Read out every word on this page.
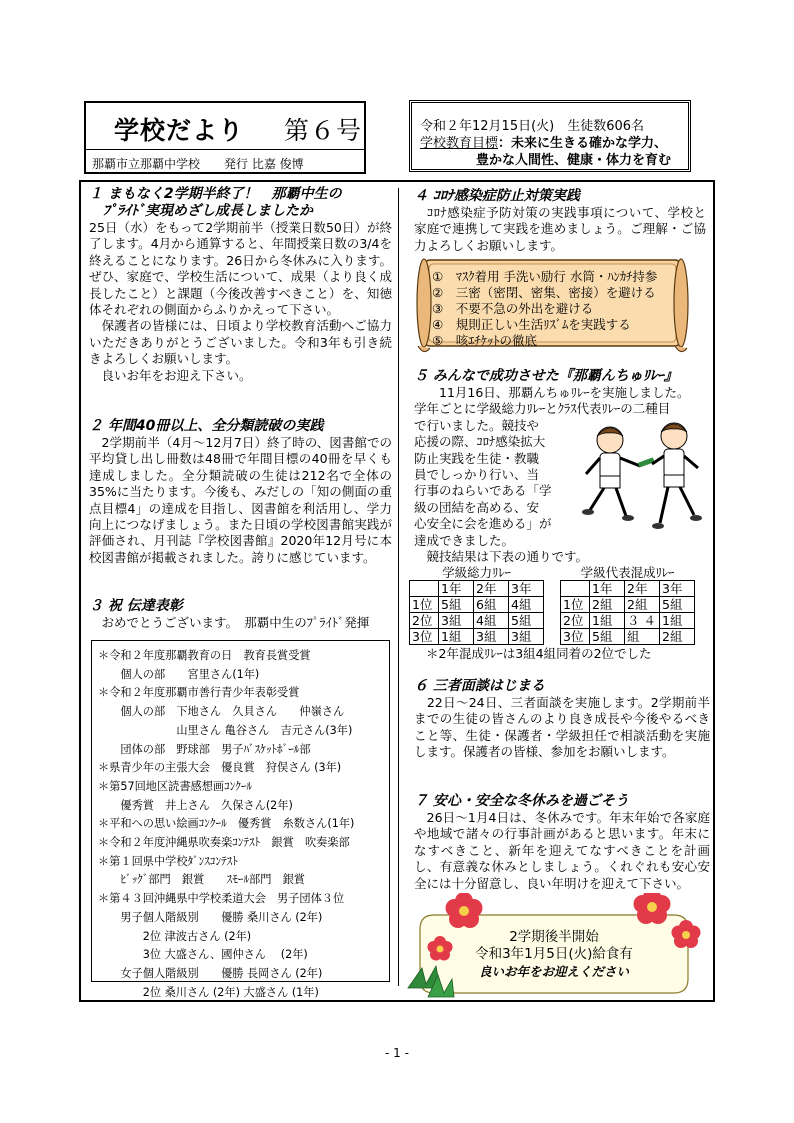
学校だより 第６号
那覇市立那覇中学校　　発行 比嘉 俊博
令和２年12月15日(火)　生徒数606名
学校教育目標：未来に生きる確かな学力、
豊かな人間性、健康・体力を育む
１ まもなく2学期半終了！　那覇中生の
　ﾌﾟﾗｲﾄﾞ実現めざし成長しましたか
25日（水）をもって2学期前半（授業日数50日）が終了します。4月から通算すると、年間授業日数の3/4を終えることになります。26日から冬休みに入ります。ぜひ、家庭で、学校生活について、成果（より良く成長したこと）と課題（今後改善すべきこと）を、知徳体それぞれの側面からふりかえって下さい。
　保護者の皆様には、日頃より学校教育活動へご協力いただきありがとうございました。令和3年も引き続きよろしくお願いします。
　良いお年をお迎え下さい。
２ 年間40冊以上、全分類読破の実践
　2学期前半（4月～12月7日）終了時の、図書館での平均貸し出し冊数は48冊で年間目標の40冊を早くも達成しました。全分類読破の生徒は212名で全体の35%に当たります。今後も、みだしの「知の側面の重点目標4」の達成を目指し、図書館を利活用し、学力向上につなげましょう。また日頃の学校図書館実践が評価され、月刊誌『学校図書館』2020年12月号に本校図書館が掲載されました。誇りに感じています。
３ 祝 伝達表彰
　おめでとうございます。　那覇中生のﾌﾟﾗｲﾄﾞ発揮
＊令和２年度那覇教育の日　教育長賞受賞
　　個人の部　　宮里さん(1年)
＊令和２年度那覇市善行青少年表彰受賞
　　個人の部　下地さん　久貝さん　　仲嶺さん
　　　　　　　山里さん 亀谷さん　吉元さん(3年)
　　団体の部　野球部　男子ﾊﾞｽｹｯﾄﾎﾞｰﾙ部
＊県青少年の主張大会　優良賞　狩俣さん (3年)
＊第57回地区読書感想画ｺﾝｸｰﾙ
　　優秀賞　井上さん　久保さん(2年)
＊平和への思い絵画ｺﾝｸｰﾙ　優秀賞　糸数さん(1年)
＊令和２年度沖縄県吹奏楽ｺﾝﾃｽﾄ　銀賞　吹奏楽部
＊第１回県中学校ﾀﾞﾝｽｺﾝﾃｽﾄ
　　ﾋﾞｯｸﾞ部門　銀賞　　ｽﾓｰﾙ部門　銀賞
＊第４３回沖縄県中学校柔道大会　男子団体３位
　　男子個人階級別　　優勝 桑川さん (2年)
　　　　2位 津波古さん (2年)
　　　　3位 大盛さん、國仲さん　 (2年)
　　女子個人階級別　　優勝 長岡さん (2年)
　　　　2位 桑川さん (2年) 大盛さん (1年)
４ ｺﾛﾅ感染症防止対策実践
　ｺﾛﾅ感染症予防対策の実践事項について、学校と家庭で連携して実践を進めましょう。ご理解・ご協力よろしくお願いします。
①　ﾏｽｸ着用 手洗い励行 水筒・ﾊﾝｶﾁ持参
②　三密（密閉、密集、密接）を避ける
③　不要不急の外出を避ける
④　規則正しい生活ﾘｽﾞﾑを実践する
⑤　咳ｴﾁｹｯﾄの徹底
５ みんなで成功させた『那覇んちゅﾘﾚｰ』
　　11月16日、那覇んちゅﾘﾚｰを実施しました。
学年ごとに学級総力ﾘﾚｰとｸﾗｽ代表ﾘﾚｰの二種目
で行いました。競技や
応援の際、ｺﾛﾅ感染拡大
防止実践を生徒・教職
員でしっかり行い、当
行事のねらいである「学
級の団結を高める、安
心安全に会を進める」が
達成できました。
　競技結果は下表の通りです。
学級総力ﾘﾚｰ			
	1年	2年	3年
1位	5組	6組	4組
2位	3組	4組	5組
3位	1組	3組	3組
学級代表混成ﾘﾚｰ			
	1年	2年	3年
1位	2組	2組	5組
2位	1組	３ ４	1組
3位	5組	組	2組
＊2年混成ﾘﾚｰは3組4組同着の2位でした
６ 三者面談はじまる
　22日～24日、三者面談を実施します。2学期前半までの生徒の皆さんのより良き成長や今後やるべきこと等、生徒・保護者・学級担任で相談活動を実施します。保護者の皆様、参加をお願いします。
７ 安心・安全な冬休みを過ごそう
　26日～1月4日は、冬休みです。年末年始で各家庭や地域で諸々の行事計画があると思います。年末になすべきこと、新年を迎えてなすべきことを計画し、有意義な休みとしましょう。くれぐれも安心安全には十分留意し、良い年明けを迎えて下さい。
2学期後半開始
令和3年1月5日(火)給食有
良いお年をお迎えください
- 1 -
